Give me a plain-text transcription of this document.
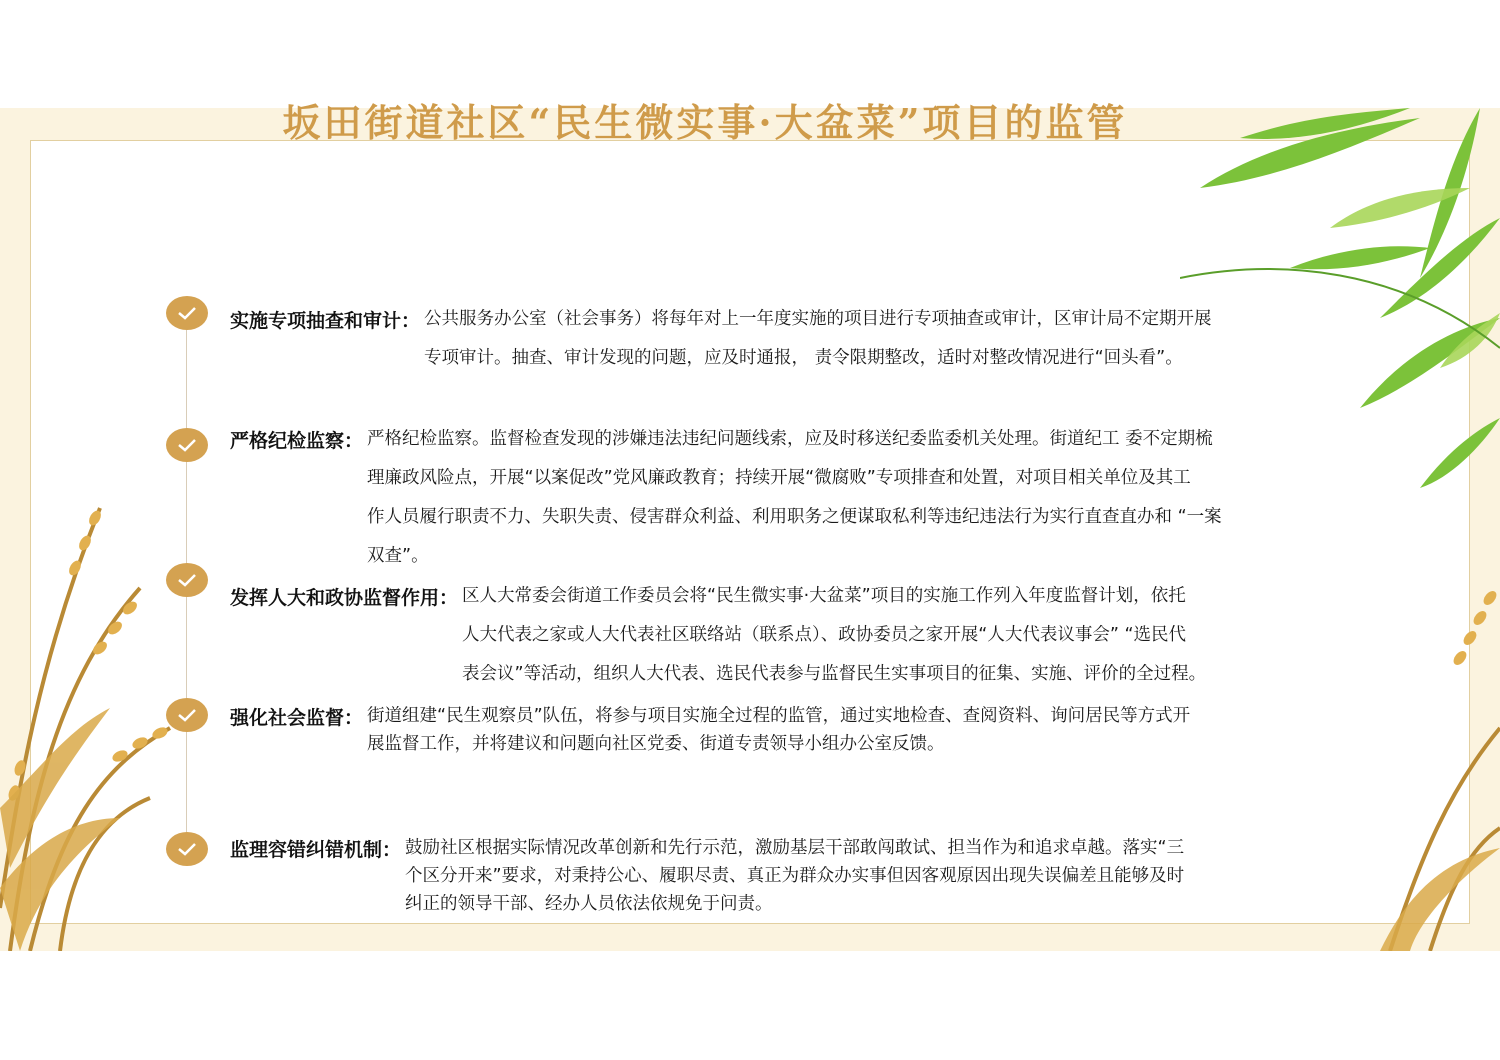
坂田街道社区“民生微实事·大盆菜”项目的监管
实施专项抽查和审计 ： 公共服务办公室（社会事务）将每年对上一年度实施的项目进行专项抽查或审计，区审计局不定期开展

专项审计。抽查、审计发现的问题，应及时通报， 责令限期整改，适时对整改情况进行“回头看”。

严格纪检监察 ： 严格纪检监察。监督检查发现的涉嫌违法违纪问题线索，应及时移送纪委监委机关处理。街道纪工 委不定期梳

理廉政风险点，开展“以案促改”党风廉政教育；持续开展“微腐败”专项排查和处置，对项目相关单位及其工

作人员履行职责不力、失职失责、侵害群众利益、利用职务之便谋取私利等违纪违法行为实行直查直办和 “一案

双查”。

发挥人大和政协监督作用 ： 区人大常委会街道工作委员会将“民生微实事·大盆菜”项目的实施工作列入年度监督计划，依托

人大代表之家或人大代表社区联络站（联系点）、政协委员之家开展“人大代表议事会” “选民代

表会议”等活动，组织人大代表、选民代表参与监督民生实事项目的征集、实施、评价的全过程。

强化社会监督 ： 街道组建“民生观察员”队伍，将参与项目实施全过程的监管，通过实地检查、查阅资料、询问居民等方式开

展监督工作，并将建议和问题向社区党委、街道专责领导小组办公室反馈。

监理容错纠错机制 ： 鼓励社区根据实际情况改革创新和先行示范，激励基层干部敢闯敢试、担当作为和追求卓越。落实“三

个区分开来”要求，对秉持公心、履职尽责、真正为群众办实事但因客观原因出现失误偏差且能够及时

纠正的领导干部、经办人员依法依规免于问责。
